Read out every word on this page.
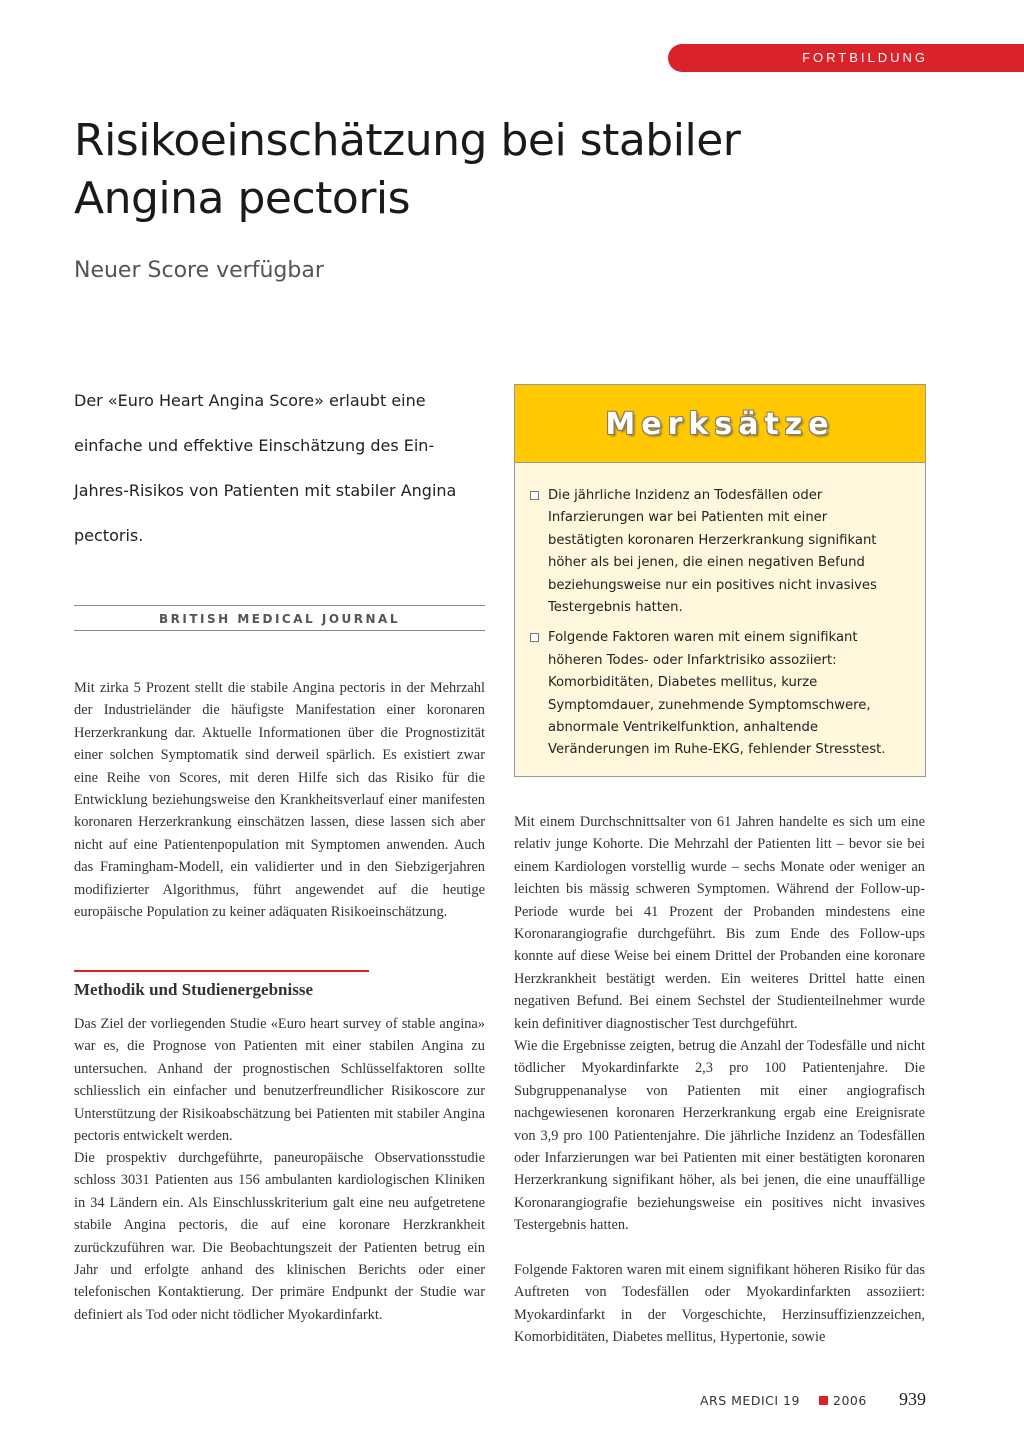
FORTBILDUNG
Risikoeinschätzung bei stabiler Angina pectoris
Neuer Score verfügbar

Der «Euro Heart Angina Score» erlaubt eine einfache und effektive Einschätzung des Ein-Jahres-Risikos von Patienten mit stabiler Angina pectoris.

BRITISH MEDICAL JOURNAL

Mit zirka 5 Prozent stellt die stabile Angina pectoris in der Mehrzahl der Industrieländer die häufigste Manifestation einer koronaren Herzerkrankung dar. Aktuelle Informationen über die Prognostizität einer solchen Symptomatik sind derweil spärlich. Es existiert zwar eine Reihe von Scores, mit deren Hilfe sich das Risiko für die Entwicklung beziehungsweise den Krankheitsverlauf einer manifesten koronaren Herzerkrankung einschätzen lassen, diese lassen sich aber nicht auf eine Patientenpopulation mit Symptomen anwenden. Auch das Framingham-Modell, ein validierter und in den Siebzigerjahren modifizierter Algorithmus, führt angewendet auf die heutige europäische Population zu keiner adäquaten Risikoeinschätzung.

Methodik und Studienergebnisse

Das Ziel der vorliegenden Studie «Euro heart survey of stable angina» war es, die Prognose von Patienten mit einer stabilen Angina zu untersuchen. Anhand der prognostischen Schlüsselfaktoren sollte schliesslich ein einfacher und benutzerfreundlicher Risikoscore zur Unterstützung der Risikoabschätzung bei Patienten mit stabiler Angina pectoris entwickelt werden.

Die prospektiv durchgeführte, paneuropäische Observationsstudie schloss 3031 Patienten aus 156 ambulanten kardiologischen Kliniken in 34 Ländern ein. Als Einschlusskriterium galt eine neu aufgetretene stabile Angina pectoris, die auf eine koronare Herzkrankheit zurückzuführen war. Die Beobachtungszeit der Patienten betrug ein Jahr und erfolgte anhand des klinischen Berichts oder einer telefonischen Kontaktierung. Der primäre Endpunkt der Studie war definiert als Tod oder nicht tödlicher Myokardinfarkt.

Merksätze
Die jährliche Inzidenz an Todesfällen oder Infarzierungen war bei Patienten mit einer bestätigten koronaren Herzerkrankung signifikant höher als bei jenen, die einen negativen Befund beziehungsweise nur ein positives nicht invasives Testergebnis hatten.
Folgende Faktoren waren mit einem signifikant höheren Todes- oder Infarktrisiko assoziiert: Komorbiditäten, Diabetes mellitus, kurze Symptomdauer, zunehmende Symptomschwere, abnormale Ventrikelfunktion, anhaltende Veränderungen im Ruhe-EKG, fehlender Stresstest.

Mit einem Durchschnittsalter von 61 Jahren handelte es sich um eine relativ junge Kohorte. Die Mehrzahl der Patienten litt – bevor sie bei einem Kardiologen vorstellig wurde – sechs Monate oder weniger an leichten bis mässig schweren Symptomen. Während der Follow-up-Periode wurde bei 41 Prozent der Probanden mindestens eine Koronarangiografie durchgeführt. Bis zum Ende des Follow-ups konnte auf diese Weise bei einem Drittel der Probanden eine koronare Herzkrankheit bestätigt werden. Ein weiteres Drittel hatte einen negativen Befund. Bei einem Sechstel der Studienteilnehmer wurde kein definitiver diagnostischer Test durchgeführt.

Wie die Ergebnisse zeigten, betrug die Anzahl der Todesfälle und nicht tödlicher Myokardinfarkte 2,3 pro 100 Patientenjahre. Die Subgruppenanalyse von Patienten mit einer angiografisch nachgewiesenen koronaren Herzerkrankung ergab eine Ereignisrate von 3,9 pro 100 Patientenjahre. Die jährliche Inzidenz an Todesfällen oder Infarzierungen war bei Patienten mit einer bestätigten koronaren Herzerkrankung signifikant höher, als bei jenen, die eine unauffällige Koronarangiografie beziehungsweise ein positives nicht invasives Testergebnis hatten.

Folgende Faktoren waren mit einem signifikant höheren Risiko für das Auftreten von Todesfällen oder Myokardinfarkten assoziiert: Myokardinfarkt in der Vorgeschichte, Herzinsuffizienzzeichen, Komorbiditäten, Diabetes mellitus, Hypertonie, sowie

ARS MEDICI 19	2006 939
